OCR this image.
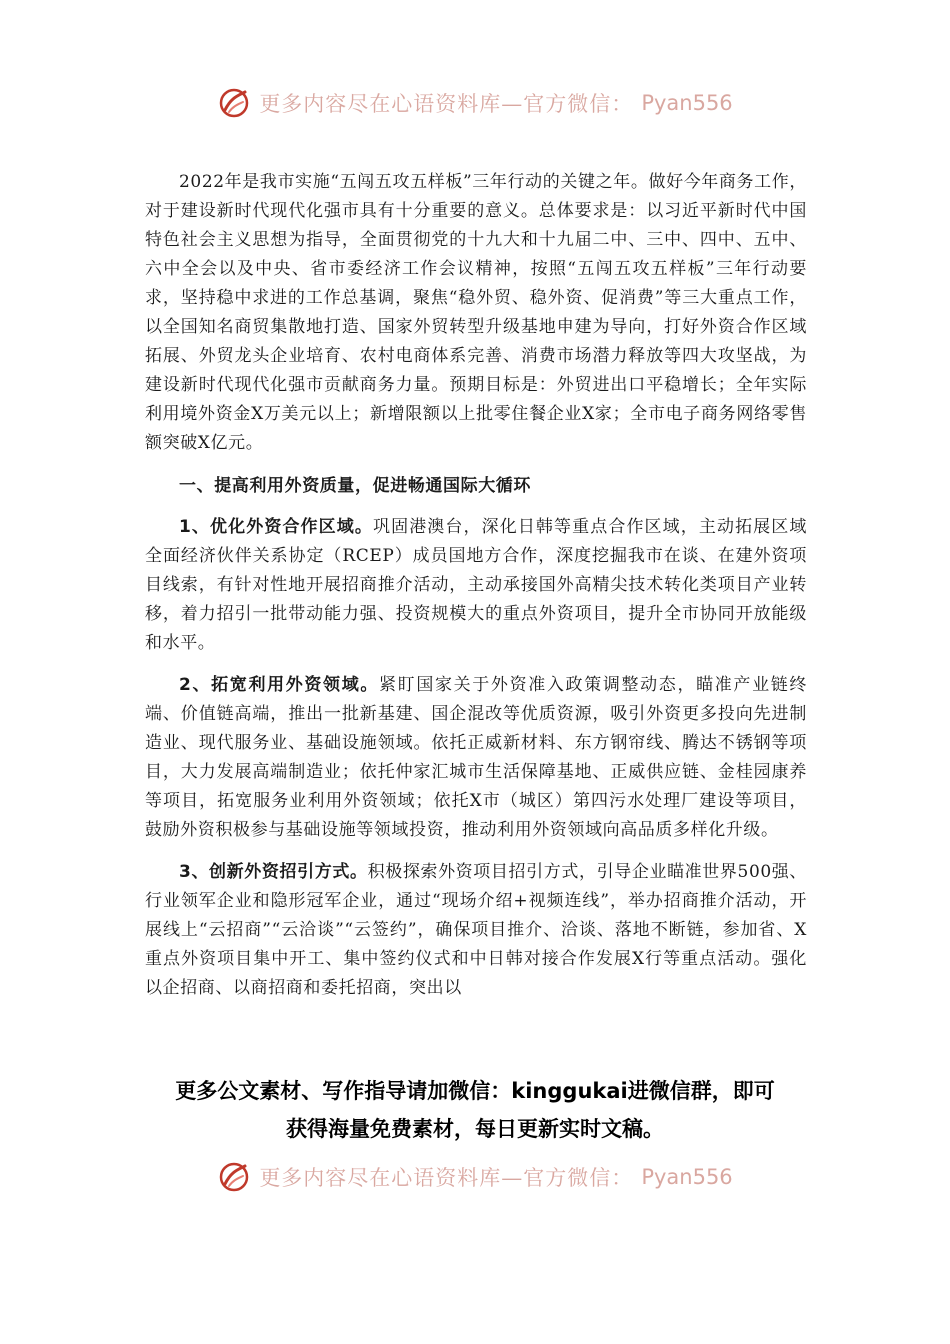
更多内容尽在心语资料库—官方微信： Pyan556

2022年是我市实施“五闯五攻五样板”三年行动的关键之年。做好今年商务工作，对于建设新时代现代化强市具有十分重要的意义。总体要求是：以习近平新时代中国特色社会主义思想为指导，全面贯彻党的十九大和十九届二中、三中、四中、五中、六中全会以及中央、省市委经济工作会议精神，按照“五闯五攻五样板”三年行动要求，坚持稳中求进的工作总基调，聚焦“稳外贸、稳外资、促消费”等三大重点工作，以全国知名商贸集散地打造、国家外贸转型升级基地申建为导向，打好外资合作区域拓展、外贸龙头企业培育、农村电商体系完善、消费市场潜力释放等四大攻坚战，为建设新时代现代化强市贡献商务力量。预期目标是：外贸进出口平稳增长；全年实际利用境外资金X万美元以上；新增限额以上批零住餐企业X家；全市电子商务网络零售额突破X亿元。

一、提高利用外资质量，促进畅通国际大循环

1、优化外资合作区域。巩固港澳台，深化日韩等重点合作区域，主动拓展区域全面经济伙伴关系协定（RCEP）成员国地方合作，深度挖掘我市在谈、在建外资项目线索，有针对性地开展招商推介活动，主动承接国外高精尖技术转化类项目产业转移，着力招引一批带动能力强、投资规模大的重点外资项目，提升全市协同开放能级和水平。

2、拓宽利用外资领域。紧盯国家关于外资准入政策调整动态，瞄准产业链终端、价值链高端，推出一批新基建、国企混改等优质资源，吸引外资更多投向先进制造业、现代服务业、基础设施领域。依托正威新材料、东方钢帘线、腾达不锈钢等项目，大力发展高端制造业；依托仲家汇城市生活保障基地、正威供应链、金桂园康养等项目，拓宽服务业利用外资领域；依托X市（城区）第四污水处理厂建设等项目，鼓励外资积极参与基础设施等领域投资，推动利用外资领域向高品质多样化升级。

3、创新外资招引方式。积极探索外资项目招引方式，引导企业瞄准世界500强、行业领军企业和隐形冠军企业，通过“现场介绍+视频连线”，举办招商推介活动，开展线上“云招商”“云洽谈”“云签约”，确保项目推介、洽谈、落地不断链，参加省、X重点外资项目集中开工、集中签约仪式和中日韩对接合作发展X行等重点活动。强化以企招商、以商招商和委托招商，突出以

更多公文素材、写作指导请加微信：kinggukai进微信群，即可
获得海量免费素材，每日更新实时文稿。
更多内容尽在心语资料库—官方微信： Pyan556
